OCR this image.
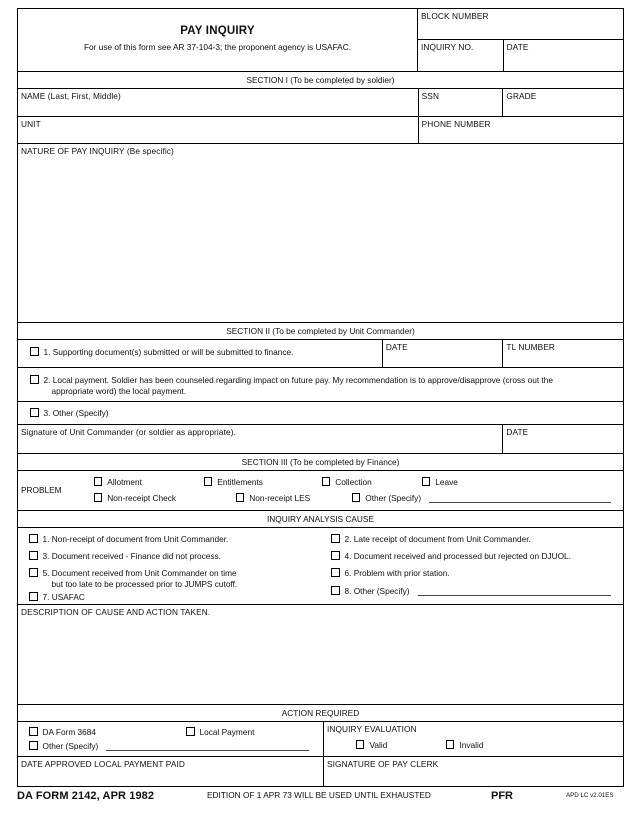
PAY INQUIRY
For use of this form see AR 37-104-3; the proponent agency is USAFAC.
BLOCK NUMBER
INQUIRY NO.	DATE
SECTION I (To be completed by soldier)
NAME (Last, First, Middle)	SSN	GRADE
UNIT	PHONE NUMBER
NATURE OF PAY INQUIRY (Be specific)
SECTION II (To be completed by Unit Commander)
1. Supporting document(s) submitted or will be submitted to finance.	DATE	TL NUMBER
2. Local payment. Soldier has been counseled regarding impact on future pay. My recommendation is to approve/disapprove (cross out the
appropriate word) the local payment.
3. Other (Specify)
Signature of Unit Commander (or soldier as appropriate).	DATE
SECTION III (To be completed by Finance)
PROBLEM
Allotment	Entitlements	Collection	Leave
Non-receipt Check	Non-receipt LES	Other (Specify)
INQUIRY ANALYSIS CAUSE
1. Non-receipt of document from Unit Commander.
3. Document received - Finance did not process.
5. Document received from Unit Commander on time
but too late to be processed prior to JUMPS cutoff.
7. USAFAC
2. Late receipt of document from Unit Commander.
4. Document received and processed but rejected on DJUOL.
6. Problem with prior station.
8. Other (Specify)
DESCRIPTION OF CAUSE AND ACTION TAKEN.
ACTION REQUIRED
DA Form 3684	Local Payment
Other (Specify)
INQUIRY EVALUATION
Valid	Invalid
DATE APPROVED LOCAL PAYMENT PAID	SIGNATURE OF PAY CLERK
DA FORM 2142, APR 1982	EDITION OF 1 APR 73 WILL BE USED UNTIL EXHAUSTED	PFR	APD LC v2.01ES
